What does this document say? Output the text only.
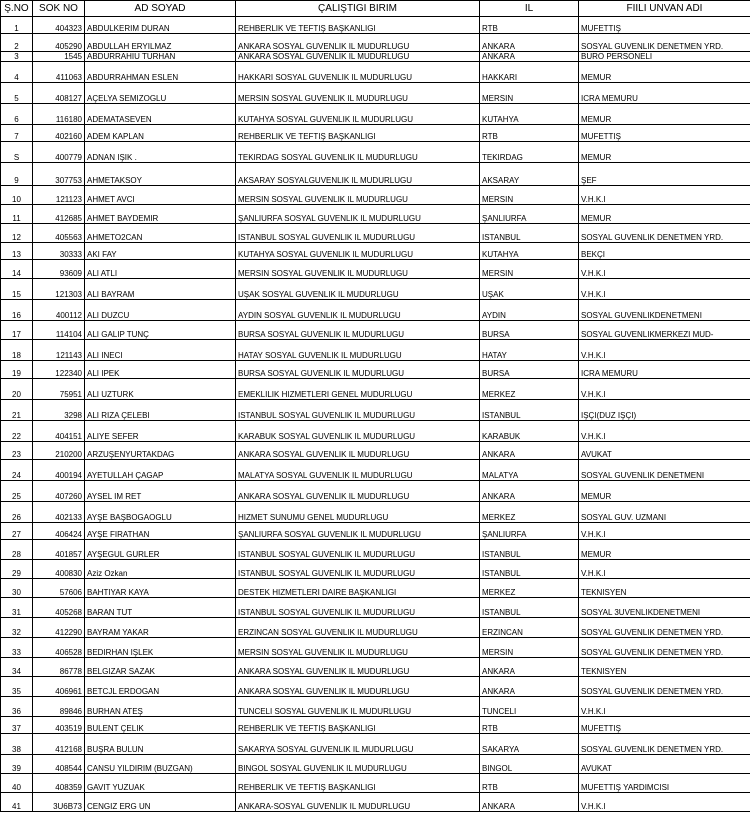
Ş.NO	SOK NO	AD SOYAD	ÇALIŞTIGI BIRIM	IL	FIILI UNVAN ADI
1	404323	ABDULKERIM DURAN	REHBERLIK VE TEFTIŞ BAŞKANLIGI	RTB	MUFETTIŞ
2	405290	ABDULLAH ERYILMAZ	ANKARA SOSYAL GUVENLIK IL MUDURLUGU	ANKARA	SOSYAL GUVENLIK DENETMEN YRD.
3	1545	ABDURRAHIU TURHAN	ANKARA SOSYAL GUVENLIK IL MUDURLUGU	ANKARA	BURO PERSONELI
4	411063	ABDURRAHMAN ESLEN	HAKKARI SOSYAL GUVENLIK IL MUDURLUGU	HAKKARI	MEMUR
5	408127	AÇELYA SEMIZOGLU	MERSIN SOSYAL GUVENLIK IL MUDURLUGU	MERSIN	ICRA MEMURU
6	116180	ADEMATASEVEN	KUTAHYA SOSYAL GUVENLIK IL MUDURLUGU	KUTAHYA	MEMUR
7	402160	ADEM KAPLAN	REHBERLIK VE TEFTIŞ BAŞKANLIGI	RTB	MUFETTIŞ
S	400779	ADNAN IŞIK .	TEKIRDAG SOSYAL GUVENLIK IL MUDURLUGU	TEKIRDAG	MEMUR
9	307753	AHMETAKSOY	AKSARAY SOSYALGUVENLIK IL MUDURLUGU	AKSARAY	ŞEF
10	121123	AHMET AVCI	MERSIN SOSYAL GUVENLIK IL MUDURLUGU	MERSIN	V.H.K.I
11	412685	AHMET BAYDEMIR	ŞANLIURFA SOSYAL GUVENLIK IL MUDURLUGU	ŞANLIURFA	MEMUR
12	405563	AHMETO2CAN	ISTANBUL SOSYAL GUVENLIK IL MUDURLUGU	ISTANBUL	SOSYAL GUVENLIK DENETMEN YRD.
13	30333	AKI FAY	KUTAHYA SOSYAL GUVENLIK IL MUDURLUGU	KUTAHYA	BEKÇI
14	93609	ALI ATLI	MERSIN SOSYAL GUVENLIK IL MUDURLUGU	MERSIN	V.H.K.I
15	121303	ALI BAYRAM	UŞAK SOSYAL GUVENLIK IL MUDURLUGU	UŞAK	V.H.K.I
16	400112	ALI DUZCU	AYDIN SOSYAL GUVENLIK IL MUDURLUGU	AYDIN	SOSYAL GUVENLIKDENETMENI
17	114104	ALI GALIP TUNÇ	BURSA SOSYAL GUVENLIK IL MUDURLUGU	BURSA	SOSYAL GUVENLIKMERKEZI MUD-
18	121143	ALI INECI	HATAY SOSYAL GUVENLIK IL MUDURLUGU	HATAY	V.H.K.I
19	122340	ALI IPEK	BURSA SOSYAL GUVENLIK IL MUDURLUGU	BURSA	ICRA MEMURU
20	75951	ALI UZTURK	EMEKLILIK HIZMETLERI GENEL MUDURLUGU	MERKEZ	V.H.K.I
21	3298	ALI RIZA ÇELEBI	ISTANBUL SOSYAL GUVENLIK IL MUDURLUGU	ISTANBUL	IŞÇI(DUZ IŞÇI)
22	404151	ALIYE SEFER	KARABUK SOSYAL GUVENLIK IL MUDURLUGU	KARABUK	V.H.K.I
23	210200	ARZUŞENYURTAKDAG	ANKARA SOSYAL GUVENLIK IL MUDURLUGU	ANKARA	AVUKAT
24	400194	AYETULLAH ÇAGAP	MALATYA SOSYAL GUVENLIK IL MUDURLUGU	MALATYA	SOSYAL GUVENLIK DENETMENI
25	407260	AYSEL IM RET	ANKARA SOSYAL GUVENLIK IL MUDURLUGU	ANKARA	MEMUR
26	402133	AYŞE BAŞBOGAOGLU	HIZMET SUNUMU GENEL MUDURLUGU	MERKEZ	SOSYAL GUV. UZMANI
27	406424	AYŞE FIRATHAN	ŞANLIURFA SOSYAL GUVENLIK IL MUDURLUGU	ŞANLIURFA	V.H.K.I
28	401857	AYŞEGUL GURLER	ISTANBUL SOSYAL GUVENLIK IL MUDURLUGU	ISTANBUL	MEMUR
29	400830	Aziz Ozkan	ISTANBUL SOSYAL GUVENLIK IL MUDURLUGU	ISTANBUL	V.H.K.I
30	57606	BAHTIYAR KAYA	DESTEK HIZMETLERI DAIRE BAŞKANLIGI	MERKEZ	TEKNISYEN
31	405268	BARAN TUT	ISTANBUL SOSYAL GUVENLIK IL MUDURLUGU	ISTANBUL	SOSYAL 3UVENLIKDENETMENI
32	412290	BAYRAM YAKAR	ERZINCAN SOSYAL GUVENLIK IL MUDURLUGU	ERZINCAN	SOSYAL GUVENLIK DENETMEN YRD.
33	406528	BEDIRHAN IŞLEK	MERSIN SOSYAL GUVENLIK IL MUDURLUGU	MERSIN	SOSYAL GUVENLIK DENETMEN YRD.
34	86778	BELGIZAR SAZAK	ANKARA SOSYAL GUVENLIK IL MUDURLUGU	ANKARA	TEKNISYEN
35	406961	BETCJL ERDOGAN	ANKARA SOSYAL GUVENLIK IL MUDURLUGU	ANKARA	SOSYAL GUVENLIK DENETMEN YRD.
36	89846	BURHAN ATEŞ	TUNCELI SOSYAL GUVENLIK IL MUDURLUGU	TUNCELI	V.H.K.I
37	403519	BULENT ÇELIK	REHBERLIK VE TEFTIŞ BAŞKANLIGI	RTB	MUFETTIŞ
38	412168	BUŞRA BULUN	SAKARYA SOSYAL GUVENLIK IL MUDURLUGU	SAKARYA	SOSYAL GUVENLIK DENETMEN YRD.
39	408544	CANSU YILDIRIM (BUZGAN)	BINGOL SOSYAL GUVENLIK IL MUDURLUGU	BINGOL	AVUKAT
40	408359	GAVIT YUZUAK	REHBERLIK VE TEFTIŞ BAŞKANLIGI	RTB	MUFETTIŞ YARDIMCISI
41	3U6B73	CENGIZ ERG UN	ANKARA-SOSYAL GUVENLIK IL MUDURLUGU	ANKARA	V.H.K.I
